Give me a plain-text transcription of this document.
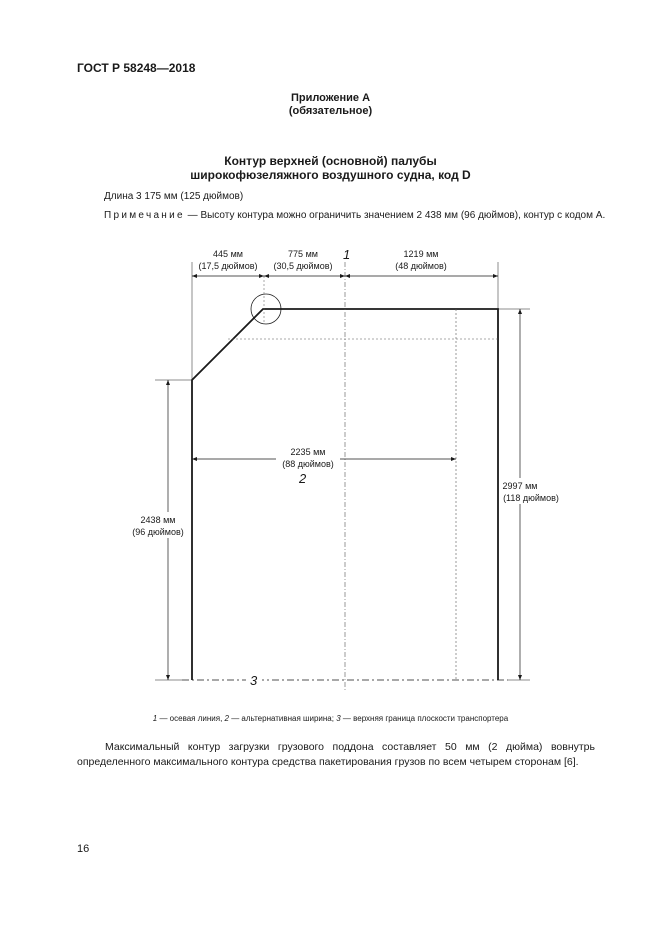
ГОСТ Р 58248—2018
Приложение А
(обязательное)
Контур верхней (основной) палубы
широкофюзеляжного воздушного судна, код D
Длина 3 175 мм (125 дюймов)
Примечание — Высоту контура можно ограничить значением 2 438 мм (96 дюймов), контур с кодом А.
445 мм
(17,5 дюймов)
775 мм
(30,5 дюймов)
1219 мм
(48 дюймов)
2235 мм
(88 дюймов)
2438 мм
(96 дюймов)
2997 мм
(118 дюймов)
1
2
3
1 — осевая линия, 2 — альтернативная ширина; 3 — верхняя граница плоскости транспортера
Максимальный контур загрузки грузового поддона составляет 50 мм (2 дюйма) вовнутрь определенного максимального контура средства пакетирования грузов по всем четырем сторонам [6].
16
